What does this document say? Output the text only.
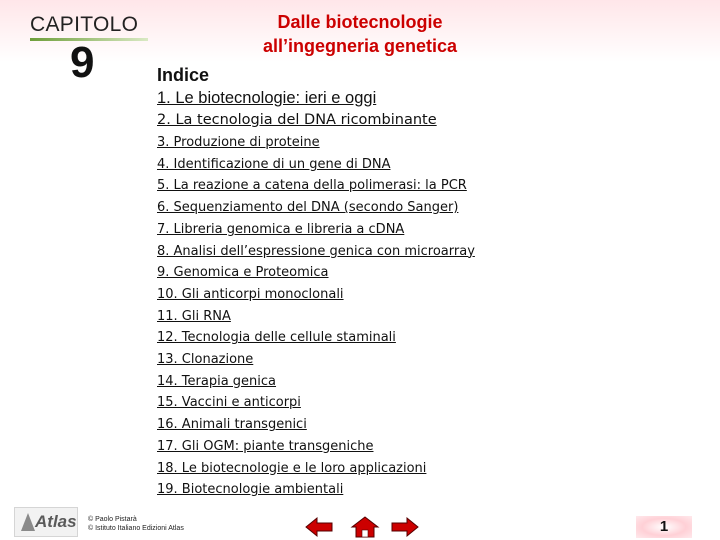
CAPITOLO
9
Dalle biotecnologie
all’ingegneria genetica
Indice
1. Le biotecnologie: ieri e oggi
2. La tecnologia del DNA ricombinante
3. Produzione di proteine
4. Identificazione di un gene di DNA
5. La reazione a catena della polimerasi: la PCR
6. Sequenziamento del DNA (secondo Sanger)
7. Libreria genomica e libreria a cDNA
8. Analisi dell’espressione genica con microarray
9. Genomica e Proteomica
10. Gli anticorpi monoclonali
11. Gli RNA
12. Tecnologia delle cellule staminali
13. Clonazione
14. Terapia genica
15. Vaccini e anticorpi
16. Animali transgenici
17. Gli OGM: piante transgeniche
18. Le biotecnologie e le loro applicazioni
19. Biotecnologie ambientali
Atlas © Paolo Pistarà
© Istituto Italiano Edizioni Atlas	1
